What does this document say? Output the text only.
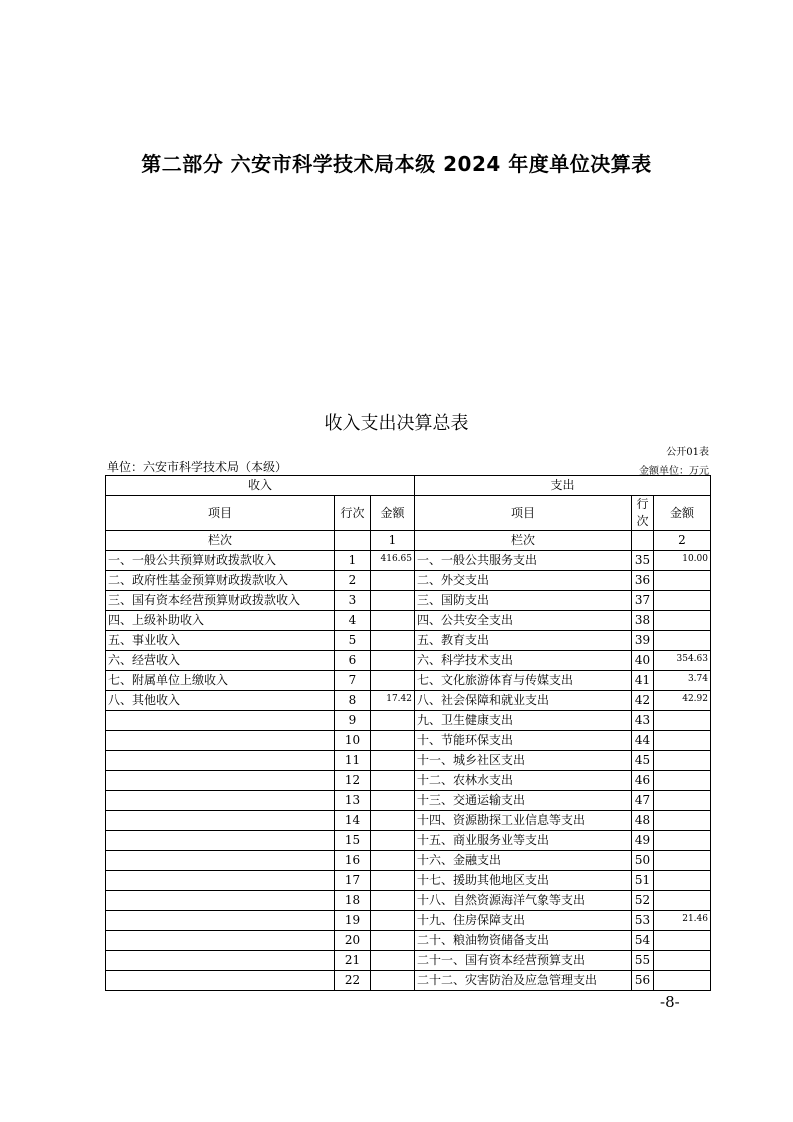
第二部分 六安市科学技术局本级 2024 年度单位决算表
收入支出决算总表
公开01表
单位：六安市科学技术局（本级）	金额单位：万元
收入			支出		
项目	行次	金额	项目	行次	金额
栏次		1	栏次		2
一、一般公共预算财政拨款收入	1	416.65	一、一般公共服务支出	35	10.00
二、政府性基金预算财政拨款收入	2		二、外交支出	36	
三、国有资本经营预算财政拨款收入	3		三、国防支出	37	
四、上级补助收入	4		四、公共安全支出	38	
五、事业收入	5		五、教育支出	39	
六、经营收入	6		六、科学技术支出	40	354.63
七、附属单位上缴收入	7		七、文化旅游体育与传媒支出	41	3.74
八、其他收入	8	17.42	八、社会保障和就业支出	42	42.92
	9		九、卫生健康支出	43	
	10		十、节能环保支出	44	
	11		十一、城乡社区支出	45	
	12		十二、农林水支出	46	
	13		十三、交通运输支出	47	
	14		十四、资源勘探工业信息等支出	48	
	15		十五、商业服务业等支出	49	
	16		十六、金融支出	50	
	17		十七、援助其他地区支出	51	
	18		十八、自然资源海洋气象等支出	52	
	19		十九、住房保障支出	53	21.46
	20		二十、粮油物资储备支出	54	
	21		二十一、国有资本经营预算支出	55	
	22		二十二、灾害防治及应急管理支出	56	
-8-
